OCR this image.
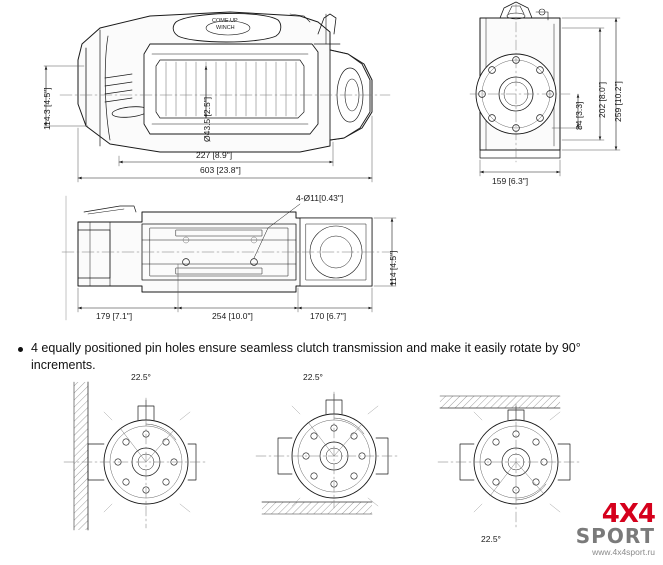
114.3 [4.5"]	Ø43.5 [2.5"]
227 [8.9"]
603 [23.8"]
COME.UP
WINCH
84 [3.3] 202 [8.0"] 259 [10.2"]
159 [6.3"]
4-Ø11[0.43"]
114 [4.5"]
179 [7.1"]	254 [10.0"]	170 [6.7"]
22.5°	22.5°
22.5°
4 equally positioned pin holes ensure seamless clutch transmission and make it easily rotate by 90° increments.
4X4
SPORT
www.4x4sport.ru
